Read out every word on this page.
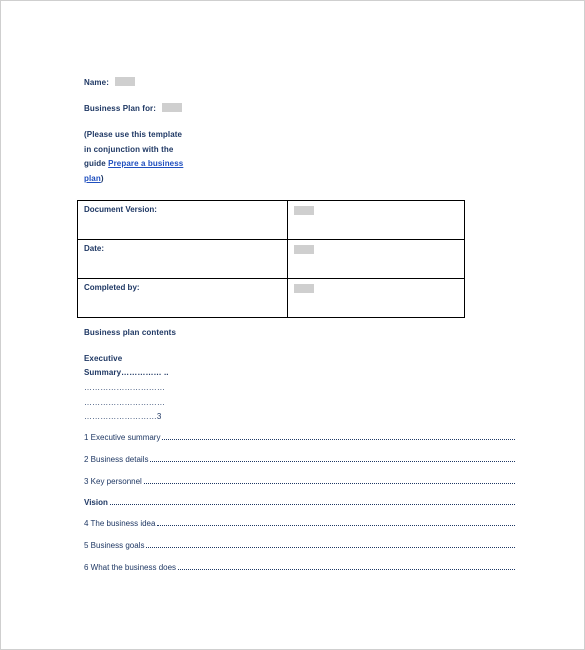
Name:
Business Plan for:
(Please use this template
in conjunction with the
guide Prepare a business
plan)
Document Version:	
Date:	
Completed by:	
Business plan contents
Executive
Summary…………… ..
…………………………
…………………………
………………………3
1 Executive summary
2 Business details
3 Key personnel
Vision
4 The business idea
5 Business goals
6 What the business does
